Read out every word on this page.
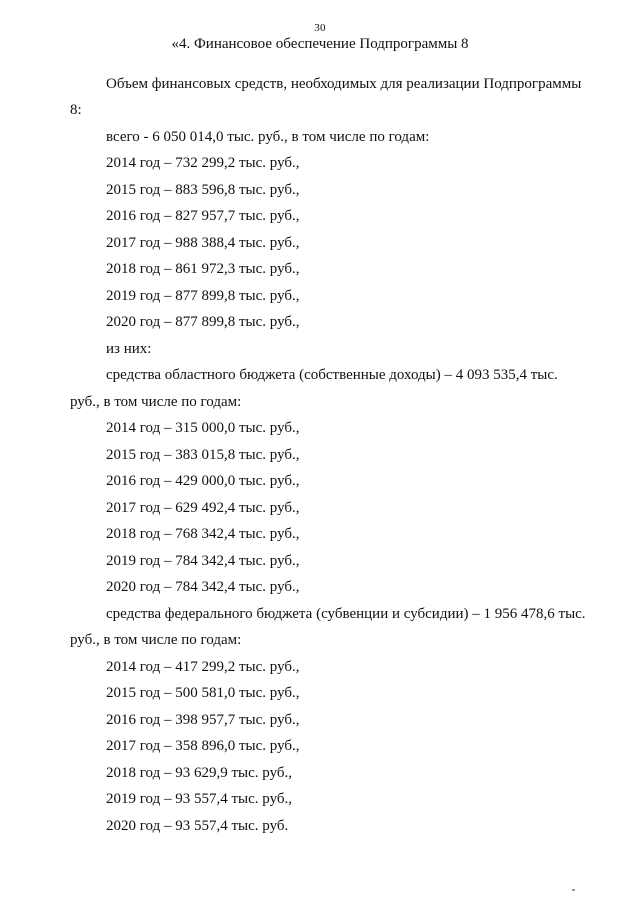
30
«4. Финансовое обеспечение Подпрограммы 8
Объем финансовых средств, необходимых для реализации Подпрограммы
8:
всего - 6 050 014,0 тыс. руб., в том числе по годам:
2014 год – 732 299,2 тыс. руб.,
2015 год – 883 596,8 тыс. руб.,
2016 год – 827 957,7 тыс. руб.,
2017 год – 988 388,4 тыс. руб.,
2018 год – 861 972,3 тыс. руб.,
2019 год – 877 899,8 тыс. руб.,
2020 год – 877 899,8 тыс. руб.,
из них:
средства областного бюджета (собственные доходы) – 4 093 535,4 тыс.
руб., в том числе по годам:
2014 год – 315 000,0 тыс. руб.,
2015 год – 383 015,8 тыс. руб.,
2016 год – 429 000,0 тыс. руб.,
2017 год – 629 492,4 тыс. руб.,
2018 год – 768 342,4 тыс. руб.,
2019 год – 784 342,4 тыс. руб.,
2020 год – 784 342,4 тыс. руб.,
средства федерального бюджета (субвенции и субсидии) – 1 956 478,6 тыс.
руб., в том числе по годам:
2014 год – 417 299,2 тыс. руб.,
2015 год – 500 581,0 тыс. руб.,
2016 год – 398 957,7 тыс. руб.,
2017 год – 358 896,0 тыс. руб.,
2018 год – 93 629,9 тыс. руб.,
2019 год – 93 557,4 тыс. руб.,
2020 год – 93 557,4 тыс. руб.
